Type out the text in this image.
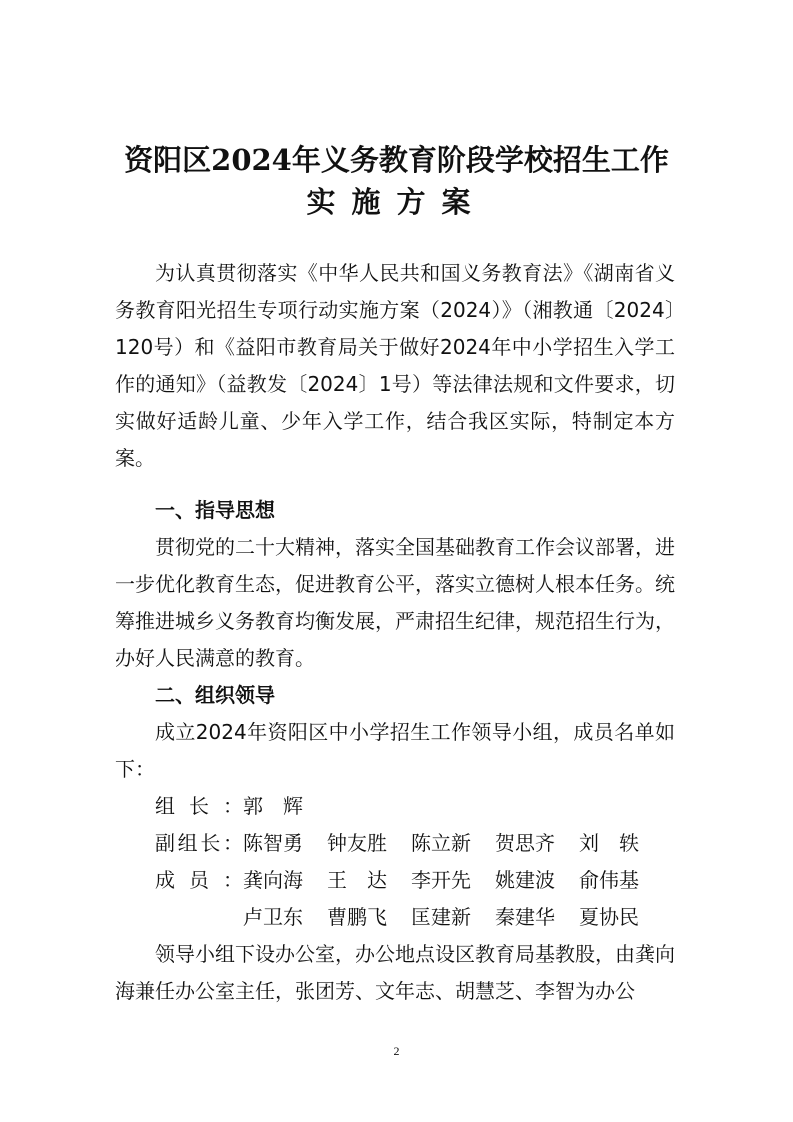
资阳区2024年义务教育阶段学校招生工作
实施方案

为认真贯彻落实《中华人民共和国义务教育法》《湖南省义务教育阳光招生专项行动实施方案（2024）》（湘教通〔2024〕120号）和《益阳市教育局关于做好2024年中小学招生入学工作的通知》（益教发〔2024〕1号）等法律法规和文件要求，切实做好适龄儿童、少年入学工作，结合我区实际，特制定本方案。

一、指导思想

贯彻党的二十大精神，落实全国基础教育工作会议部署，进一步优化教育生态，促进教育公平，落实立德树人根本任务。统筹推进城乡义务教育均衡发展，严肃招生纪律，规范招生行为，办好人民满意的教育。

二、组织领导

成立2024年资阳区中小学招生工作领导小组，成员名单如下：

组长：郭　辉
副组长：陈智勇 钟友胜 陈立新 贺思齐 刘　轶
成员：龚向海 王　达 李开先 姚建波 俞伟基
卢卫东 曹鹏飞 匡建新 秦建华 夏协民

领导小组下设办公室，办公地点设区教育局基教股，由龚向海兼任办公室主任，张团芳、文年志、胡慧芝、李智为办公

2
